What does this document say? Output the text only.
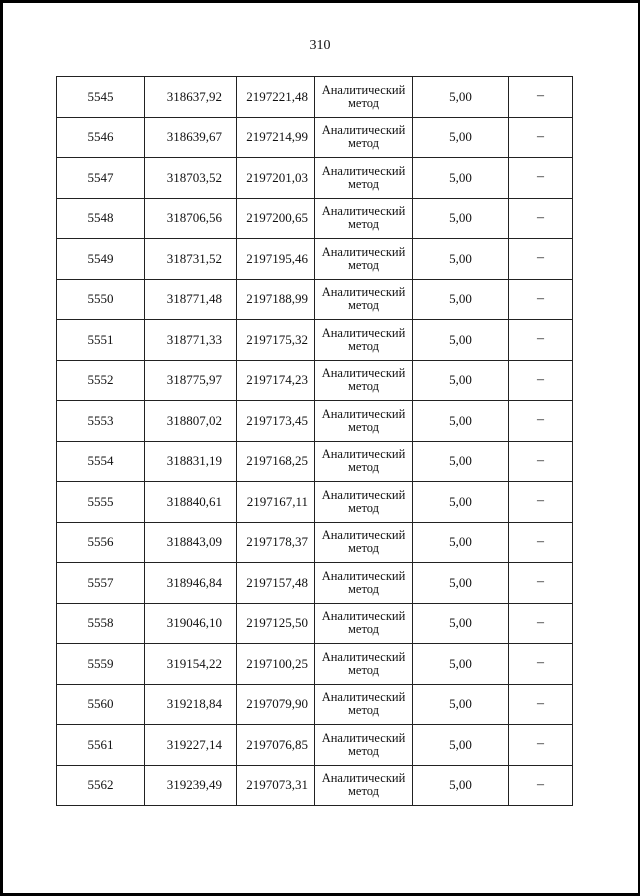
310
5545	318637,92	2197221,48	Аналитический метод	5,00	–
5546	318639,67	2197214,99	Аналитический метод	5,00	–
5547	318703,52	2197201,03	Аналитический метод	5,00	–
5548	318706,56	2197200,65	Аналитический метод	5,00	–
5549	318731,52	2197195,46	Аналитический метод	5,00	–
5550	318771,48	2197188,99	Аналитический метод	5,00	–
5551	318771,33	2197175,32	Аналитический метод	5,00	–
5552	318775,97	2197174,23	Аналитический метод	5,00	–
5553	318807,02	2197173,45	Аналитический метод	5,00	–
5554	318831,19	2197168,25	Аналитический метод	5,00	–
5555	318840,61	2197167,11	Аналитический метод	5,00	–
5556	318843,09	2197178,37	Аналитический метод	5,00	–
5557	318946,84	2197157,48	Аналитический метод	5,00	–
5558	319046,10	2197125,50	Аналитический метод	5,00	–
5559	319154,22	2197100,25	Аналитический метод	5,00	–
5560	319218,84	2197079,90	Аналитический метод	5,00	–
5561	319227,14	2197076,85	Аналитический метод	5,00	–
5562	319239,49	2197073,31	Аналитический метод	5,00	–
